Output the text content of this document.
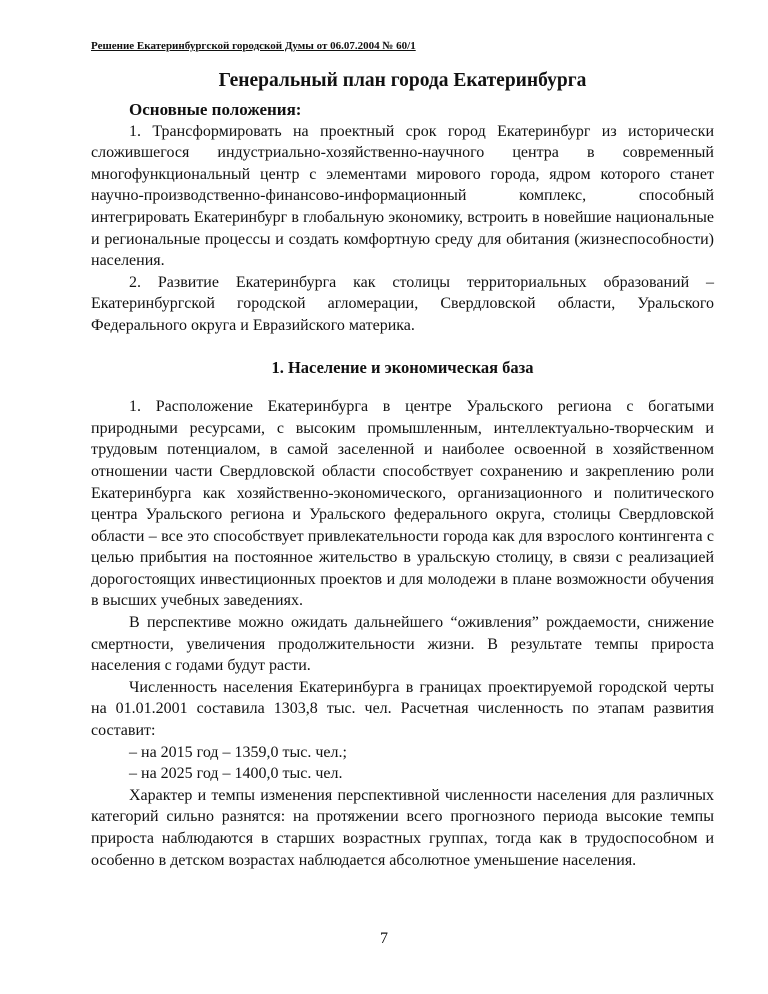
Решение Екатеринбургской городской Думы от 06.07.2004 № 60/1
Генеральный план города Екатеринбурга
Основные положения:

1. Трансформировать на проектный срок город Екатеринбург из исторически сложившегося индустриально-хозяйственно-научного центра в современный многофункциональный центр с элементами мирового города, ядром которого станет научно-производственно-финансово-информационный комплекс, способный интегрировать Екатеринбург в глобальную экономику, встроить в новейшие национальные и региональные процессы и создать комфортную среду для обитания (жизнеспособности) населения.

2. Развитие Екатеринбурга как столицы территориальных образований – Екатеринбургской городской агломерации, Свердловской области, Уральского Федерального округа и Евразийского материка.

1. Население и экономическая база

1. Расположение Екатеринбурга в центре Уральского региона с богатыми природными ресурсами, с высоким промышленным, интеллектуально-творческим и трудовым потенциалом, в самой заселенной и наиболее освоенной в хозяйственном отношении части Свердловской области способствует сохранению и закреплению роли Екатеринбурга как хозяйственно-экономического, организационного и политического центра Уральского региона и Уральского федерального округа, столицы Свердловской области – все это способствует привлекательности города как для взрослого контингента с целью прибытия на постоянное жительство в уральскую столицу, в связи с реализацией дорогостоящих инвестиционных проектов и для молодежи в плане возможности обучения в высших учебных заведениях.

В перспективе можно ожидать дальнейшего “оживления” рождаемости, снижение смертности, увеличения продолжительности жизни. В результате темпы прироста населения с годами будут расти.

Численность населения Екатеринбурга в границах проектируемой городской черты на 01.01.2001 составила 1303,8 тыс. чел. Расчетная численность по этапам развития составит:

– на 2015 год – 1359,0 тыс. чел.;

– на 2025 год – 1400,0 тыс. чел.

Характер и темпы изменения перспективной численности населения для различных категорий сильно разнятся: на протяжении всего прогнозного периода высокие темпы прироста наблюдаются в старших возрастных группах, тогда как в трудоспособном и особенно в детском возрастах наблюдается абсолютное уменьшение населения.

7
